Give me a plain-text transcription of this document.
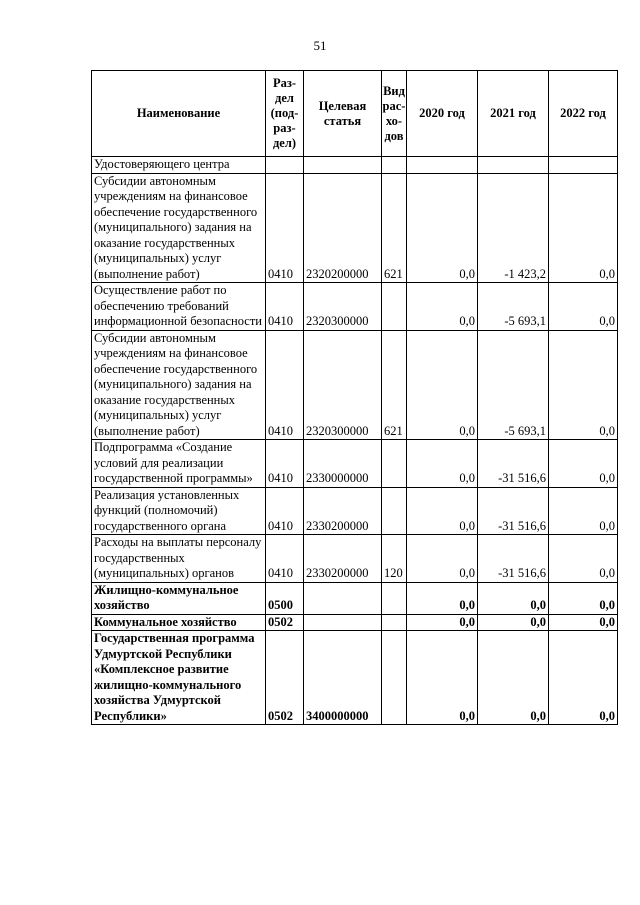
51
Наименование	Раз-дел (под-раз-дел)	Целевая статья	Вид рас-хо-дов	2020 год	2021 год	2022 год
Удостоверяющего центра						
Субсидии автономным учреждениям на финансовое обеспечение государственного (муниципального) задания на оказание государственных (муниципальных) услуг (выполнение работ)	0410	2320200000	621	0,0	-1 423,2	0,0
Осуществление работ по обеспечению требований информационной безопасности	0410	2320300000		0,0	-5 693,1	0,0
Субсидии автономным учреждениям на финансовое обеспечение государственного (муниципального) задания на оказание государственных (муниципальных) услуг (выполнение работ)	0410	2320300000	621	0,0	-5 693,1	0,0
Подпрограмма «Создание условий для реализации государственной программы»	0410	2330000000		0,0	-31 516,6	0,0
Реализация установленных функций (полномочий) государственного органа	0410	2330200000		0,0	-31 516,6	0,0
Расходы на выплаты персоналу государственных (муниципальных) органов	0410	2330200000	120	0,0	-31 516,6	0,0
Жилищно-коммунальное хозяйство	0500			0,0	0,0	0,0
Коммунальное хозяйство	0502			0,0	0,0	0,0
Государственная программа Удмуртской Республики «Комплексное развитие жилищно-коммунального хозяйства Удмуртской Республики»	0502	3400000000		0,0	0,0	0,0
